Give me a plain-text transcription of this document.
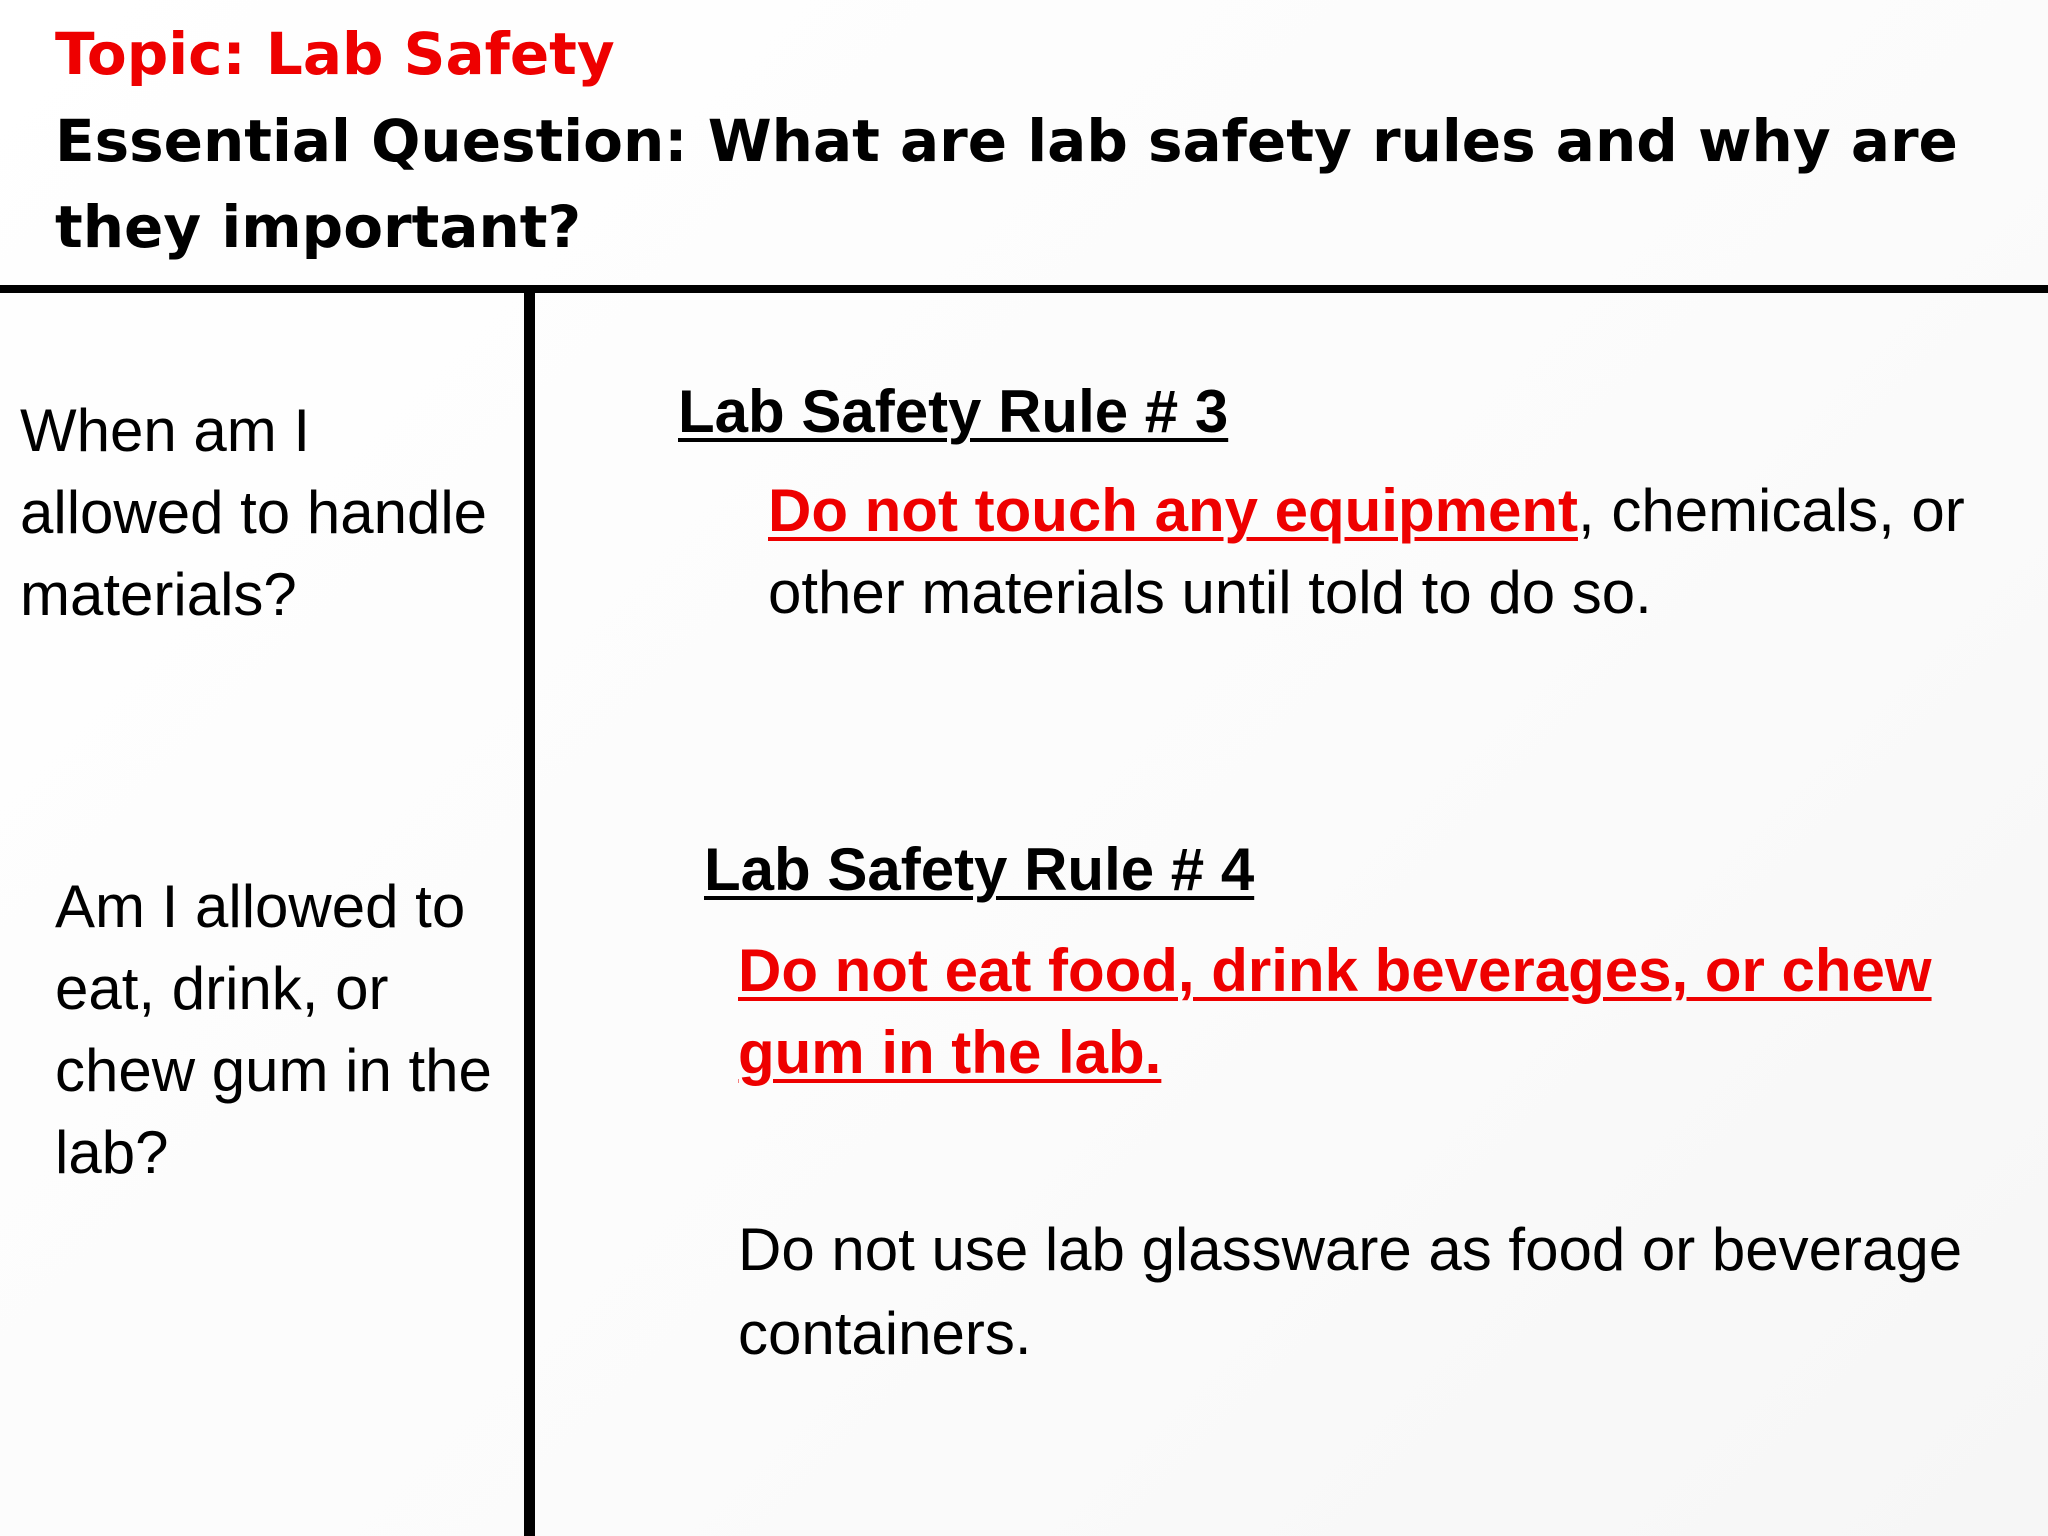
Topic: Lab Safety
Essential Question: What are lab safety rules and why are they important?

When am I allowed to handle materials?

Am I allowed to eat, drink, or chew gum in the lab?

Lab Safety Rule # 3

Do not touch any equipment, chemicals, or other materials until told to do so.

Lab Safety Rule # 4

Do not eat food, drink beverages, or chew gum in the lab.

Do not use lab glassware as food or beverage containers.
